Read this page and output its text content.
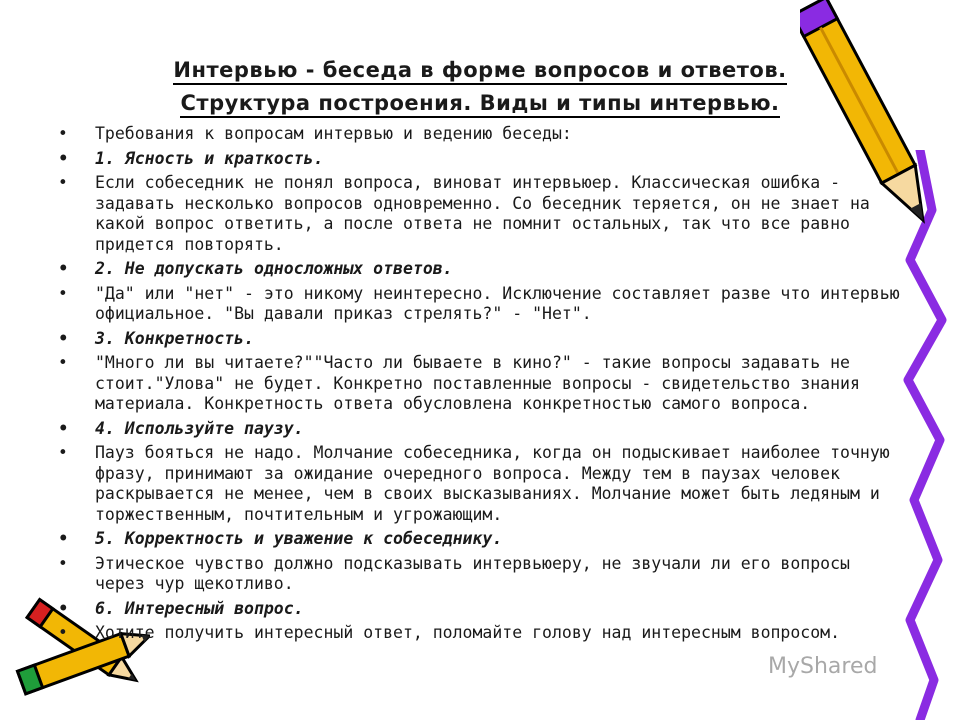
Интервью - беседа в форме вопросов и ответов.
Структура построения. Виды и типы интервью.
• Требования к вопросам интервью и ведению беседы:
• 1. Ясность и краткость.
• Если собеседник не понял вопроса, виноват интервьюер. Классическая ошибка - задавать несколько вопросов одновременно. Со беседник теряется, он не знает на какой вопрос ответить, а после ответа не помнит остальных, так что все равно придется повторять.
• 2. Не допускать односложных ответов.
• "Да" или "нет" - это никому неинтересно. Исключение составляет разве что интервью официальное. "Вы давали приказ стрелять?" - "Нет".
• 3. Конкретность.
• "Много ли вы читаете?""Часто ли бываете в кино?" - такие вопросы задавать не стоит."Улова" не будет. Конкретно поставленные вопросы - свидетельство знания материала. Конкретность ответа обусловлена конкретностью самого вопроса.
• 4. Используйте паузу.
• Пауз бояться не надо. Молчание собеседника, когда он подыскивает наиболее точную фразу, принимают за ожидание очередного вопроса. Между тем в паузах человек раскрывается не менее, чем в своих высказываниях. Молчание может быть ледяным и торжественным, почтительным и угрожающим.
• 5. Корректность и уважение к собеседнику.
• Этическое чувство должно подсказывать интервьюеру, не звучали ли его вопросы через чур щекотливо.
• 6. Интересный вопрос.
• Хотите получить интересный ответ, поломайте голову над интересным вопросом.
MyShared
